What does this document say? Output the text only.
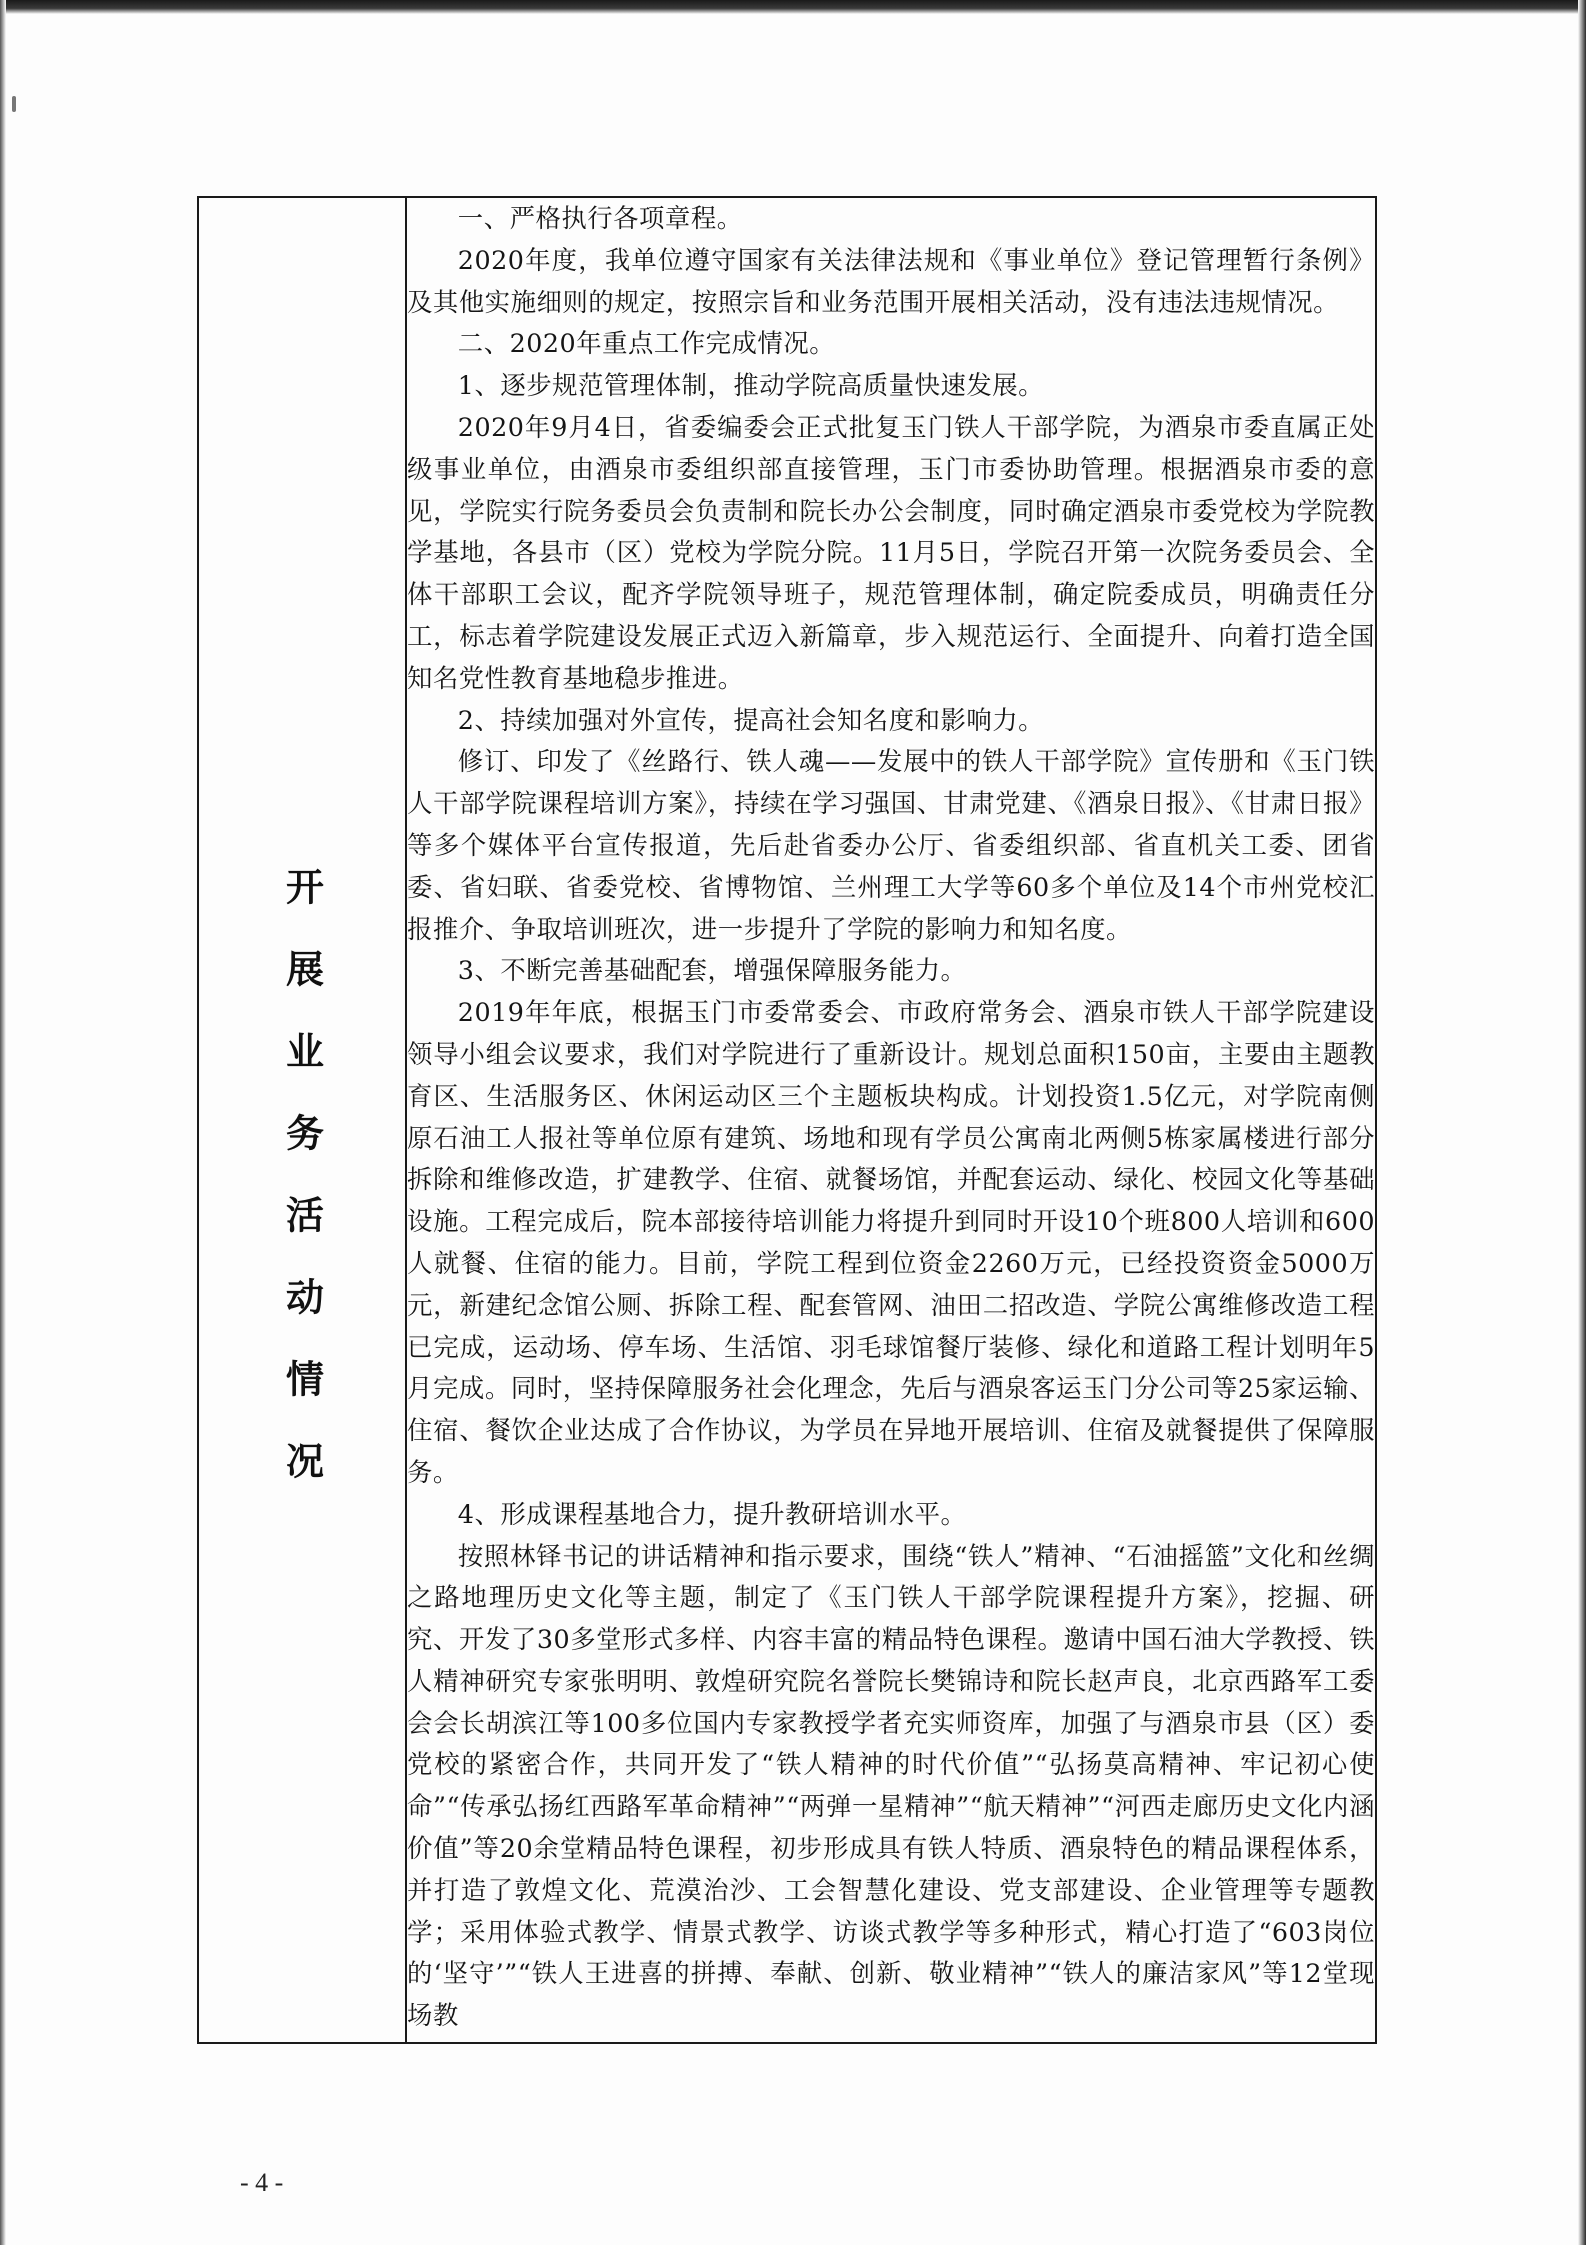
开展业务活动情况

一、严格执行各项章程。

2020年度，我单位遵守国家有关法律法规和《事业单位》登记管理暂行条例》及其他实施细则的规定，按照宗旨和业务范围开展相关活动，没有违法违规情况。

二、2020年重点工作完成情况。

1、逐步规范管理体制，推动学院高质量快速发展。

2020年9月4日，省委编委会正式批复玉门铁人干部学院，为酒泉市委直属正处级事业单位，由酒泉市委组织部直接管理，玉门市委协助管理。根据酒泉市委的意见，学院实行院务委员会负责制和院长办公会制度，同时确定酒泉市委党校为学院教学基地，各县市（区）党校为学院分院。11月5日，学院召开第一次院务委员会、全体干部职工会议，配齐学院领导班子，规范管理体制，确定院委成员，明确责任分工，标志着学院建设发展正式迈入新篇章，步入规范运行、全面提升、向着打造全国知名党性教育基地稳步推进。

2、持续加强对外宣传，提高社会知名度和影响力。

修订、印发了《丝路行、铁人魂——发展中的铁人干部学院》宣传册和《玉门铁人干部学院课程培训方案》，持续在学习强国、甘肃党建、《酒泉日报》、《甘肃日报》等多个媒体平台宣传报道，先后赴省委办公厅、省委组织部、省直机关工委、团省委、省妇联、省委党校、省博物馆、兰州理工大学等60多个单位及14个市州党校汇报推介、争取培训班次，进一步提升了学院的影响力和知名度。

3、不断完善基础配套，增强保障服务能力。

2019年年底，根据玉门市委常委会、市政府常务会、酒泉市铁人干部学院建设领导小组会议要求，我们对学院进行了重新设计。规划总面积150亩，主要由主题教育区、生活服务区、休闲运动区三个主题板块构成。计划投资1.5亿元，对学院南侧原石油工人报社等单位原有建筑、场地和现有学员公寓南北两侧5栋家属楼进行部分拆除和维修改造，扩建教学、住宿、就餐场馆，并配套运动、绿化、校园文化等基础设施。工程完成后，院本部接待培训能力将提升到同时开设10个班800人培训和600人就餐、住宿的能力。目前，学院工程到位资金2260万元，已经投资资金5000万元，新建纪念馆公厕、拆除工程、配套管网、油田二招改造、学院公寓维修改造工程已完成，运动场、停车场、生活馆、羽毛球馆餐厅装修、绿化和道路工程计划明年5月完成。同时，坚持保障服务社会化理念，先后与酒泉客运玉门分公司等25家运输、住宿、餐饮企业达成了合作协议，为学员在异地开展培训、住宿及就餐提供了保障服务。

4、形成课程基地合力，提升教研培训水平。

按照林铎书记的讲话精神和指示要求，围绕“铁人”精神、“石油摇篮”文化和丝绸之路地理历史文化等主题，制定了《玉门铁人干部学院课程提升方案》，挖掘、研究、开发了30多堂形式多样、内容丰富的精品特色课程。邀请中国石油大学教授、铁人精神研究专家张明明、敦煌研究院名誉院长樊锦诗和院长赵声良，北京西路军工委会会长胡滨江等100多位国内专家教授学者充实师资库，加强了与酒泉市县（区）委党校的紧密合作，共同开发了“铁人精神的时代价值”“弘扬莫高精神、牢记初心使命”“传承弘扬红西路军革命精神”“两弹一星精神”“航天精神”“河西走廊历史文化内涵价值”等20余堂精品特色课程，初步形成具有铁人特质、酒泉特色的精品课程体系，并打造了敦煌文化、荒漠治沙、工会智慧化建设、党支部建设、企业管理等专题教学；采用体验式教学、情景式教学、访谈式教学等多种形式，精心打造了“603岗位的‘坚守’”“铁人王进喜的拼搏、奉献、创新、敬业精神”“铁人的廉洁家风”等12堂现场教

- 4 -
